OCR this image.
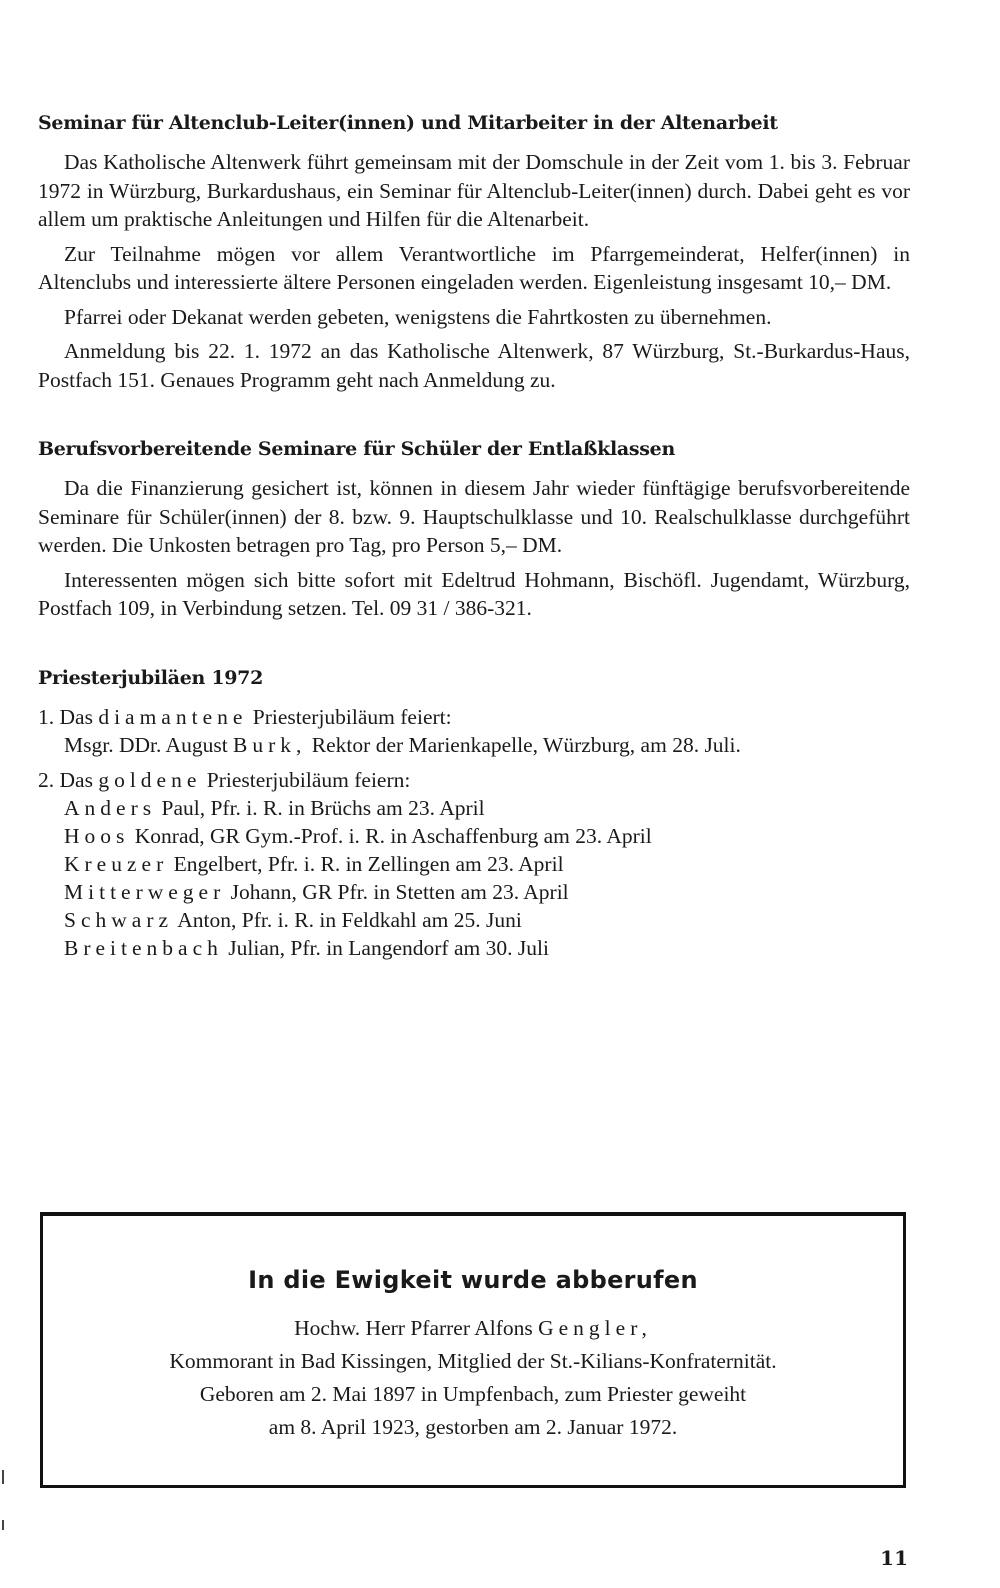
Seminar für Altenclub-Leiter(innen) und Mitarbeiter in der Altenarbeit

Das Katholische Altenwerk führt gemeinsam mit der Domschule in der Zeit vom 1. bis 3. Februar 1972 in Würzburg, Burkardushaus, ein Seminar für Altenclub-Leiter(innen) durch. Dabei geht es vor allem um praktische Anleitungen und Hilfen für die Altenarbeit.

Zur Teilnahme mögen vor allem Verantwortliche im Pfarrgemeinderat, Helfer(innen) in Altenclubs und interessierte ältere Personen eingeladen werden. Eigenleistung insgesamt 10,– DM.

Pfarrei oder Dekanat werden gebeten, wenigstens die Fahrtkosten zu übernehmen.

Anmeldung bis 22. 1. 1972 an das Katholische Altenwerk, 87 Würzburg, St.-Burkardus-Haus, Postfach 151. Genaues Programm geht nach Anmeldung zu.

Berufsvorbereitende Seminare für Schüler der Entlaßklassen

Da die Finanzierung gesichert ist, können in diesem Jahr wieder fünftägige berufsvorbereitende Seminare für Schüler(innen) der 8. bzw. 9. Hauptschulklasse und 10. Realschulklasse durchgeführt werden. Die Unkosten betragen pro Tag, pro Person 5,– DM.

Interessenten mögen sich bitte sofort mit Edeltrud Hohmann, Bischöfl. Jugendamt, Würzburg, Postfach 109, in Verbindung setzen. Tel. 09 31 / 386-321.

Priesterjubiläen 1972

1. Das diamantene Priesterjubiläum feiert:

Msgr. DDr. August Burk, Rektor der Marienkapelle, Würzburg, am 28. Juli.

2. Das goldene Priesterjubiläum feiern:

Anders Paul, Pfr. i. R. in Brüchs am 23. April

Hoos Konrad, GR Gym.-Prof. i. R. in Aschaffenburg am 23. April

Kreuzer Engelbert, Pfr. i. R. in Zellingen am 23. April

Mitterweger Johann, GR Pfr. in Stetten am 23. April

Schwarz Anton, Pfr. i. R. in Feldkahl am 25. Juni

Breitenbach Julian, Pfr. in Langendorf am 30. Juli

In die Ewigkeit wurde abberufen

Hochw. Herr Pfarrer Alfons Gengler,

Kommorant in Bad Kissingen, Mitglied der St.-Kilians-Konfraternität.

Geboren am 2. Mai 1897 in Umpfenbach, zum Priester geweiht

am 8. April 1923, gestorben am 2. Januar 1972.

11
